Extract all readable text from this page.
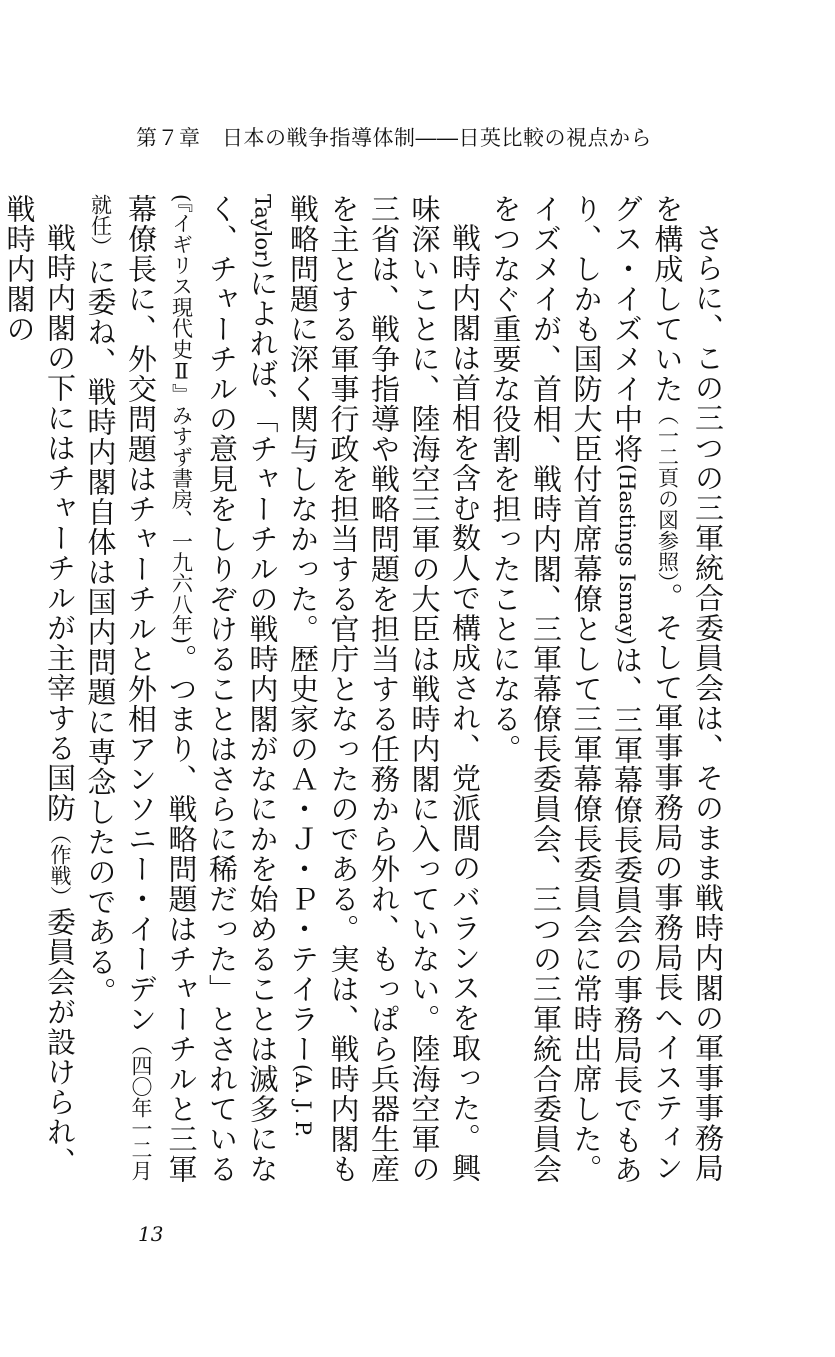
第７章　日本の戦争指導体制――日英比較の視点から

さらに、この三つの三軍統合委員会は、そのまま戦時内閣の軍事事務局を構成していた（一二頁の図参照）。そして軍事事務局の事務局長へイスティングス・イズメイ中将(Hastings Ismay)は、三軍幕僚長委員会の事務局長でもあり、しかも国防大臣付首席幕僚として三軍幕僚長委員会に常時出席した。イズメイが、首相、戦時内閣、三軍幕僚長委員会、三つの三軍統合委員会をつなぐ重要な役割を担ったことになる。

戦時内閣は首相を含む数人で構成され、党派間のバランスを取った。興味深いことに、陸海空三軍の大臣は戦時内閣に入っていない。陸海空軍の三省は、戦争指導や戦略問題を担当する任務から外れ、もっぱら兵器生産を主とする軍事行政を担当する官庁となったのである。実は、戦時内閣も戦略問題に深く関与しなかった。歴史家のＡ・Ｊ・Ｐ・テイラー(A. J. P. Taylor)によれば、「チャーチルの戦時内閣がなにかを始めることは滅多になく、チャーチルの意見をしりぞけることはさらに稀だった」とされている(『イギリス現代史Ⅱ』みすず書房、一九六八年)。つまり、戦略問題はチャーチルと三軍幕僚長に、外交問題はチャーチルと外相アンソニー・イーデン（四〇年一二月就任）に委ね、戦時内閣自体は国内問題に専念したのである。

戦時内閣の下にはチャーチルが主宰する国防（作戦）委員会が設けられ、戦時内閣の

13
